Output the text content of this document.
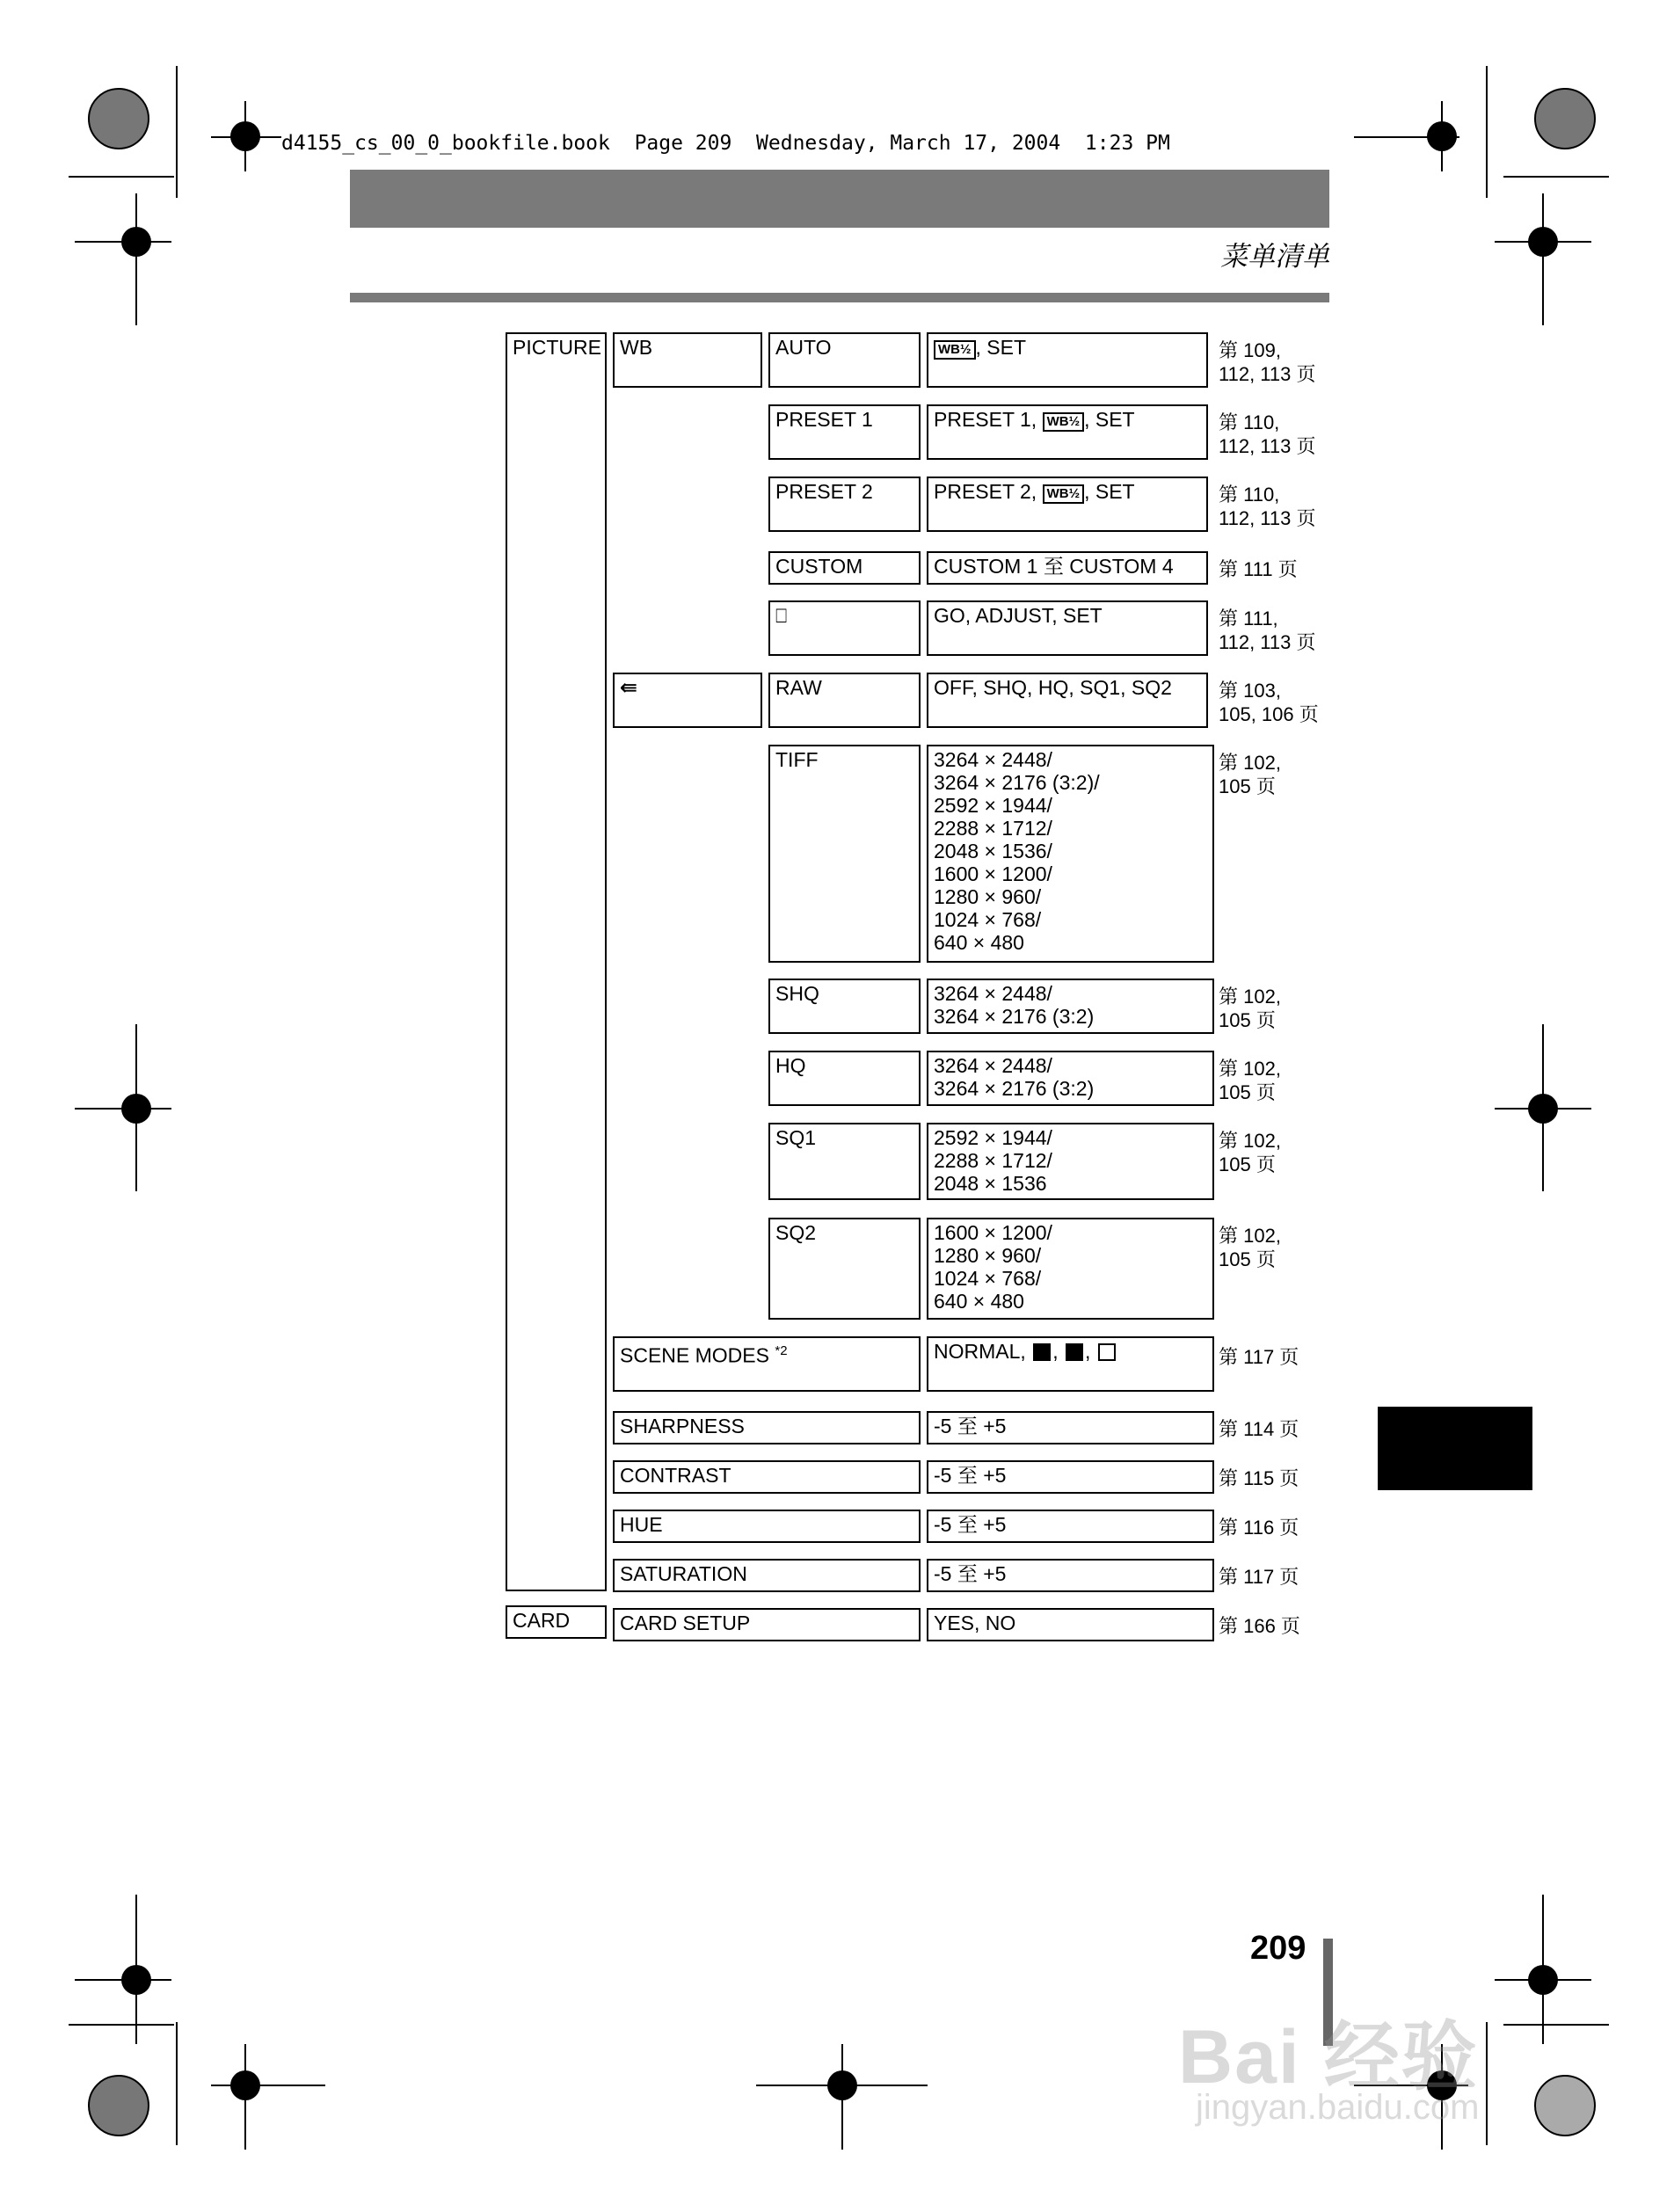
d4155_cs_00_0_bookfile.book  Page 209  Wednesday, March 17, 2004  1:23 PM
菜单清单
PICTURE
CARD
WB
⇚
SCENE MODES $^{*2}$
SHARPNESS
CONTRAST
HUE
SATURATION
CARD SETUP
AUTO
PRESET 1
PRESET 2
CUSTOM
⎕
RAW
TIFF
SHQ
HQ
SQ1
SQ2
WB½ , SET
PRESET 1, WB½ , SET
PRESET 2, WB½ , SET
CUSTOM 1 至 CUSTOM 4
GO, ADJUST, SET
OFF, SHQ, HQ, SQ1, SQ2
3264 × 2448/
3264 × 2176 (3:2)/
2592 × 1944/
2288 × 1712/
2048 × 1536/
1600 × 1200/
1280 × 960/
1024 × 768/
640 × 480
3264 × 2448/
3264 × 2176 (3:2)
3264 × 2448/
3264 × 2176 (3:2)
2592 × 1944/
2288 × 1712/
2048 × 1536
1600 × 1200/
1280 × 960/
1024 × 768/
640 × 480
NORMAL, , ,
-5 至 +5
-5 至 +5
-5 至 +5
-5 至 +5
YES, NO
第 109,
112, 113 页
第 110,
112, 113 页
第 110,
112, 113 页
第 111 页
第 111,
112, 113 页
第 103,
105, 106 页
第 102,
105 页
第 102,
105 页
第 102,
105 页
第 102,
105 页
第 102,
105 页
第 117 页
第 114 页
第 115 页
第 116 页
第 117 页
第 166 页
209
Bai 经验
jingyan.baidu.com
